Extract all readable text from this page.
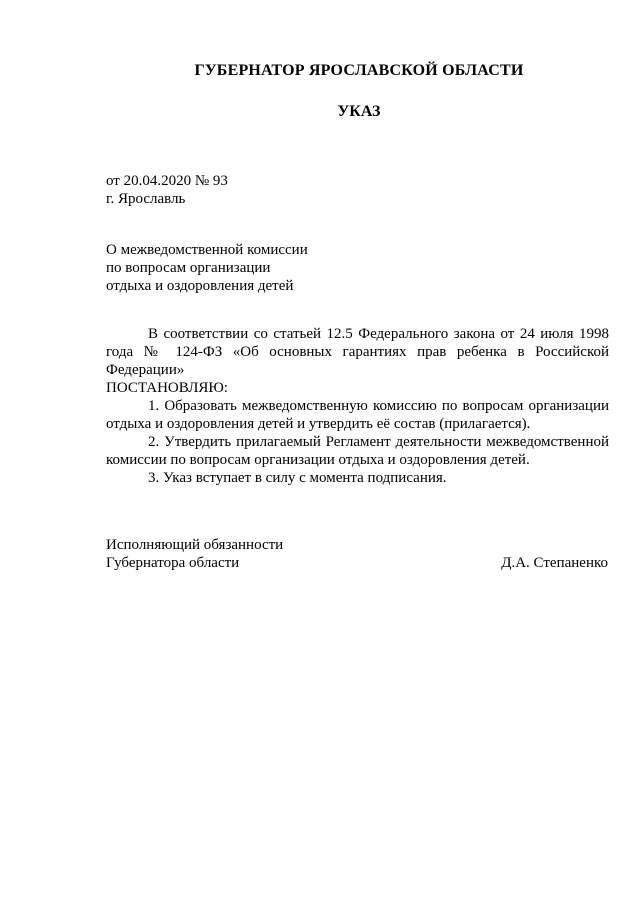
ГУБЕРНАТОР ЯРОСЛАВСКОЙ ОБЛАСТИ
УКАЗ
от 20.04.2020 № 93
г. Ярославль
О межведомственной комиссии
по вопросам организации
отдыха и оздоровления детей

В соответствии со статьей 12.5 Федерального закона от 24 июля 1998 года № 124-ФЗ «Об основных гарантиях прав ребенка в Российской Федерации»

ПОСТАНОВЛЯЮ:

1. Образовать межведомственную комиссию по вопросам организации отдыха и оздоровления детей и утвердить её состав (прилагается).

2. Утвердить прилагаемый Регламент деятельности межведомственной комиссии по вопросам организации отдыха и оздоровления детей.

3. Указ вступает в силу с момента подписания.

Исполняющий обязанности
Губернатора области	Д.А. Степаненко
